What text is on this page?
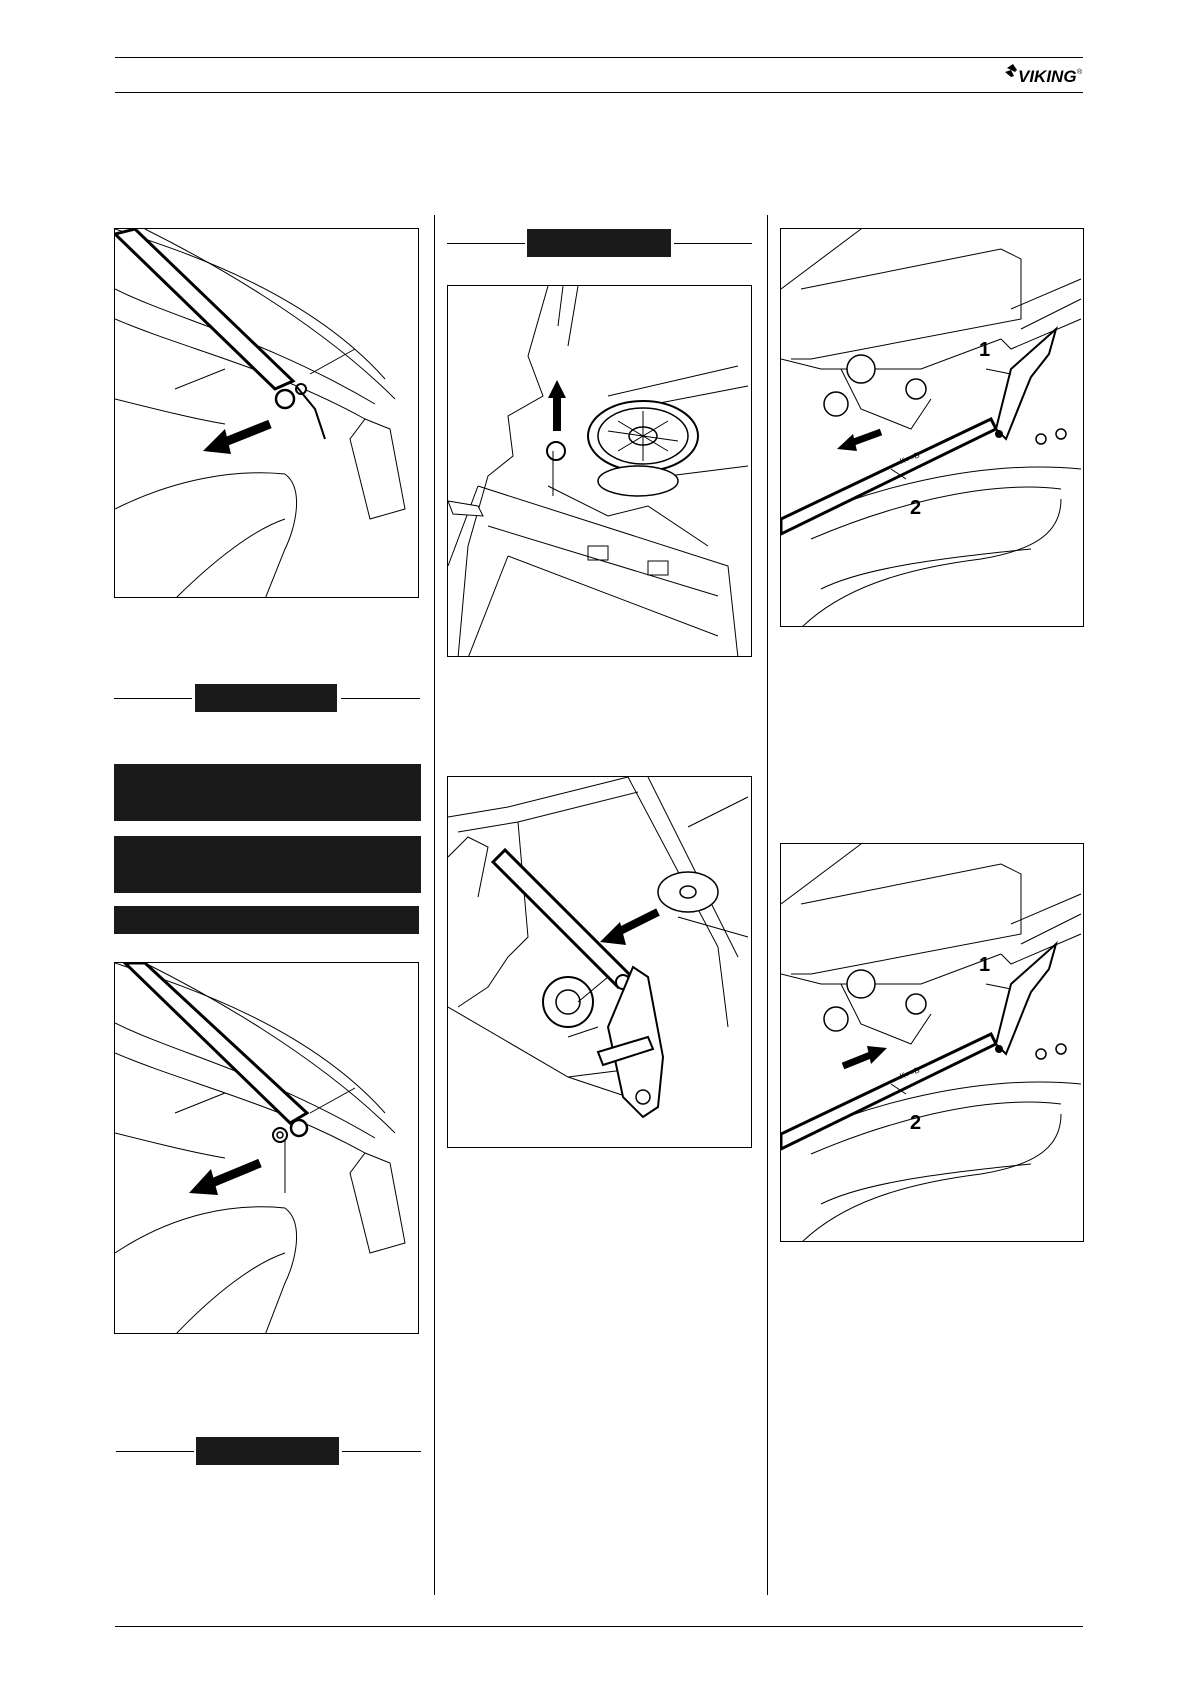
VIKING ®
K○○B
1
2
K○○B
1
2
